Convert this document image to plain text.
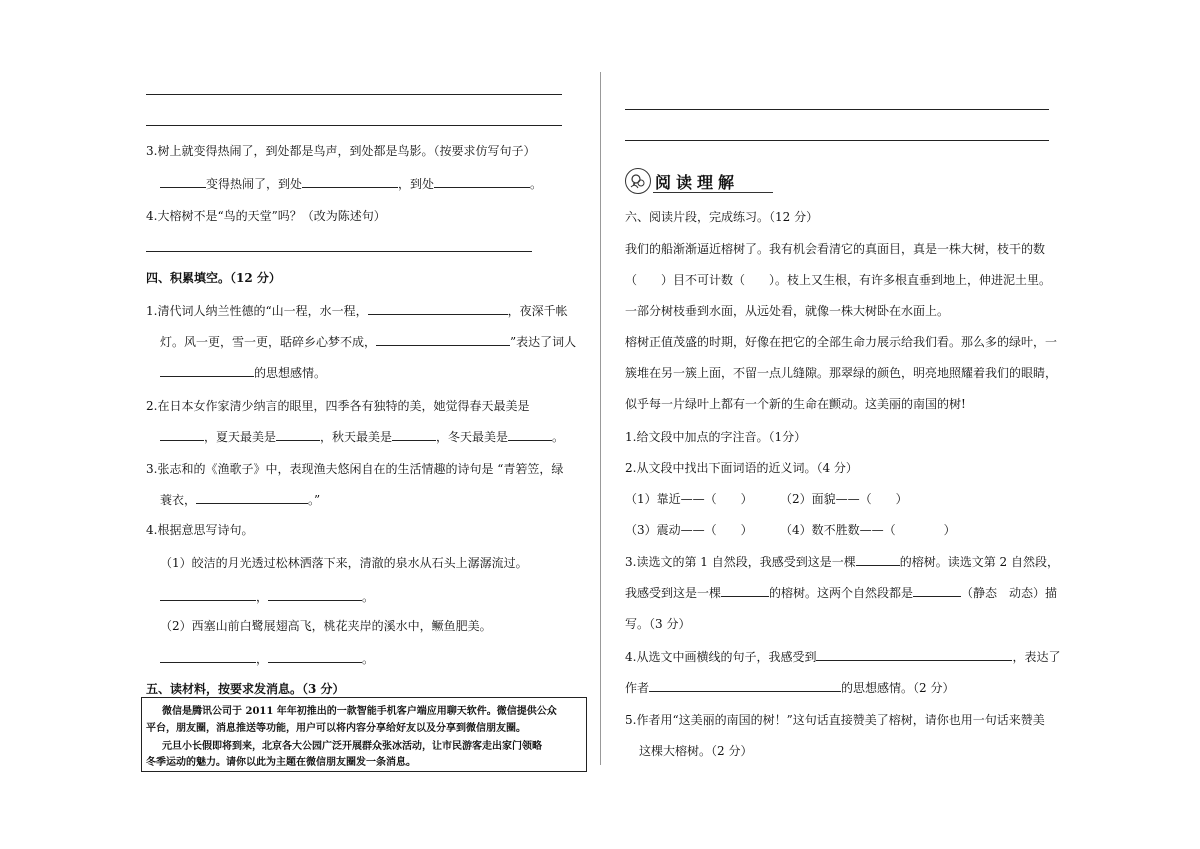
3.树上就变得热闹了，到处都是鸟声，到处都是鸟影。（按要求仿写句子）
变得热闹了，到处	，到处	。
4.大榕树不是“鸟的天堂”吗？（改为陈述句）
四、积累填空。（12 分）
1.清代词人纳兰性德的“山一程，水一程，	，夜深千帐
灯。风一更，雪一更，聒碎乡心梦不成，	”表达了词人
的思想感情。
2.在日本女作家清少纳言的眼里，四季各有独特的美，她觉得春天最美是
，夏天最美是	，秋天最美是	，冬天最美是	。
3.张志和的《渔歌子》中，表现渔夫悠闲自在的生活情趣的诗句是 “青箬笠，绿
蓑衣，	。”
4.根据意思写诗句。
（1）皎洁的月光透过松林洒落下来，清澈的泉水从石头上潺潺流过。
，	。
（2）西塞山前白鹭展翅高飞，桃花夹岸的溪水中，鳜鱼肥美。
，	。
五、读材料，按要求发消息。（3 分）
微信是腾讯公司于 2011 年年初推出的一款智能手机客户端应用聊天软件。微信提供公众
平台，朋友圈，消息推送等功能，用户可以将内容分享给好友以及分享到微信朋友圈。
元旦小长假即将到来，北京各大公园广泛开展群众张冰活动，让市民游客走出家门领略
冬季运动的魅力。请你以此为主题在微信朋友圈发一条消息。
阅读理解
六、阅读片段，完成练习。（12 分）
我们的船渐渐逼近榕树了。我有机会看清它的真面目，真是一株大树，枝干的数
（　　）目不可计数（　　）。枝上又生根，有许多根直垂到地上，伸进泥土里。
一部分树枝垂到水面，从远处看，就像一株大树卧在水面上。
榕树正值茂盛的时期，好像在把它的全部生命力展示给我们看。那么多的绿叶，一
簇堆在另一簇上面，不留一点儿缝隙。那翠绿的颜色，明亮地照耀着我们的眼睛，
似乎每一片绿叶上都有一个新的生命在颤动。这美丽的南国的树!
1.给文段中加点的字注音。（1分）
2.从文段中找出下面词语的近义词。（4 分）
（1）靠近——（　　） （2）面貌——（　　）
（3）震动——（　　） （4）数不胜数——（　　　　）
3.读选文的第 1 自然段，我感受到这是一棵	的榕树。读选文第 2 自然段，
我感受到这是一棵	的榕树。这两个自然段都是	（静态　动态）描
写。（3 分）
4.从选文中画横线的句子，我感受到	，表达了
作者	的思想感情。（2 分）
5.作者用“这美丽的南国的树！”这句话直接赞美了榕树，请你也用一句话来赞美
这棵大榕树。（2 分）
